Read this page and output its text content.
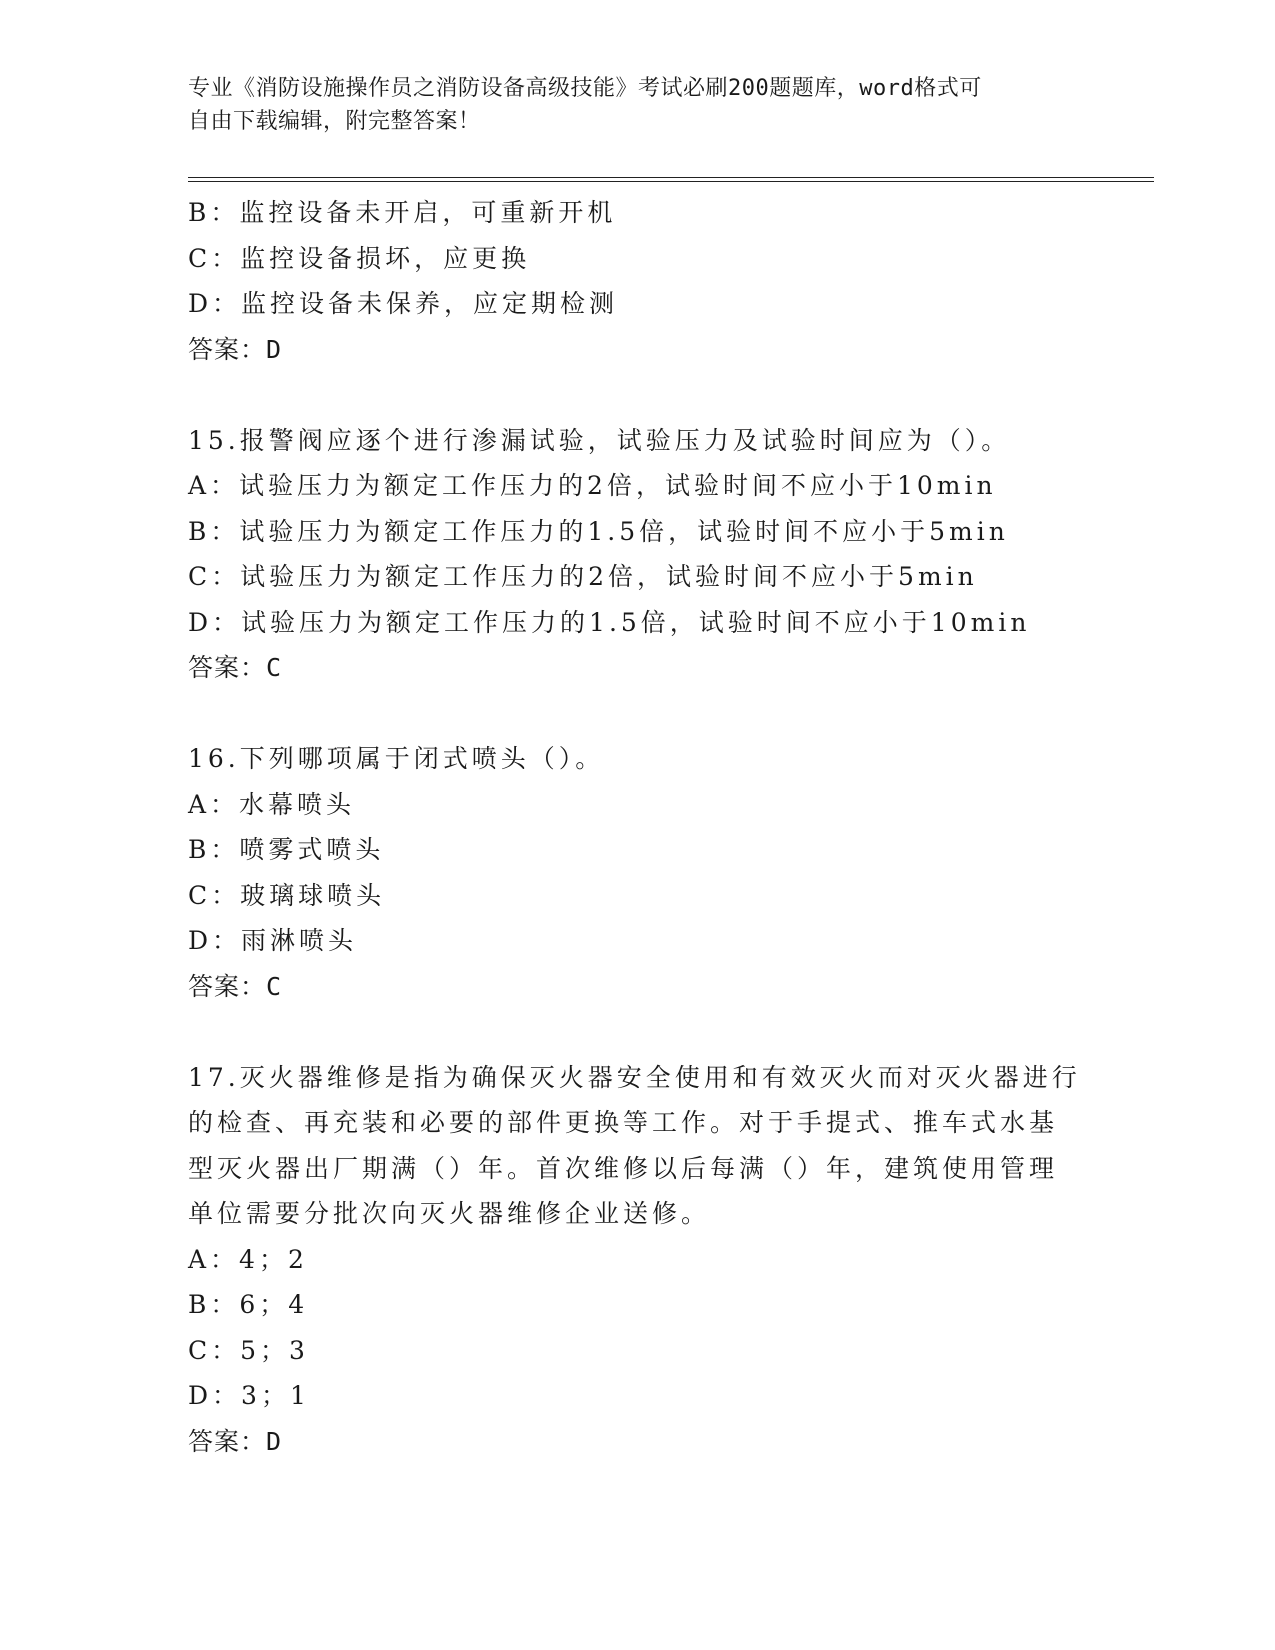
专业《消防设施操作员之消防设备高级技能》考试必刷200题题库，word格式可
自由下载编辑，附完整答案！
B：监控设备未开启，可重新开机
C：监控设备损坏，应更换
D：监控设备未保养，应定期检测
答案：D
15.报警阀应逐个进行渗漏试验，试验压力及试验时间应为（）。
A：试验压力为额定工作压力的2倍，试验时间不应小于10min
B：试验压力为额定工作压力的1.5倍，试验时间不应小于5min
C：试验压力为额定工作压力的2倍，试验时间不应小于5min
D：试验压力为额定工作压力的1.5倍，试验时间不应小于10min
答案：C
16.下列哪项属于闭式喷头（）。
A：水幕喷头
B：喷雾式喷头
C：玻璃球喷头
D：雨淋喷头
答案：C
17.灭火器维修是指为确保灭火器安全使用和有效灭火而对灭火器进行
的检查、再充装和必要的部件更换等工作。对于手提式、推车式水基
型灭火器出厂期满（）年。首次维修以后每满（）年，建筑使用管理
单位需要分批次向灭火器维修企业送修。
A：4；2
B：6；4
C：5；3
D：3；1
答案：D
